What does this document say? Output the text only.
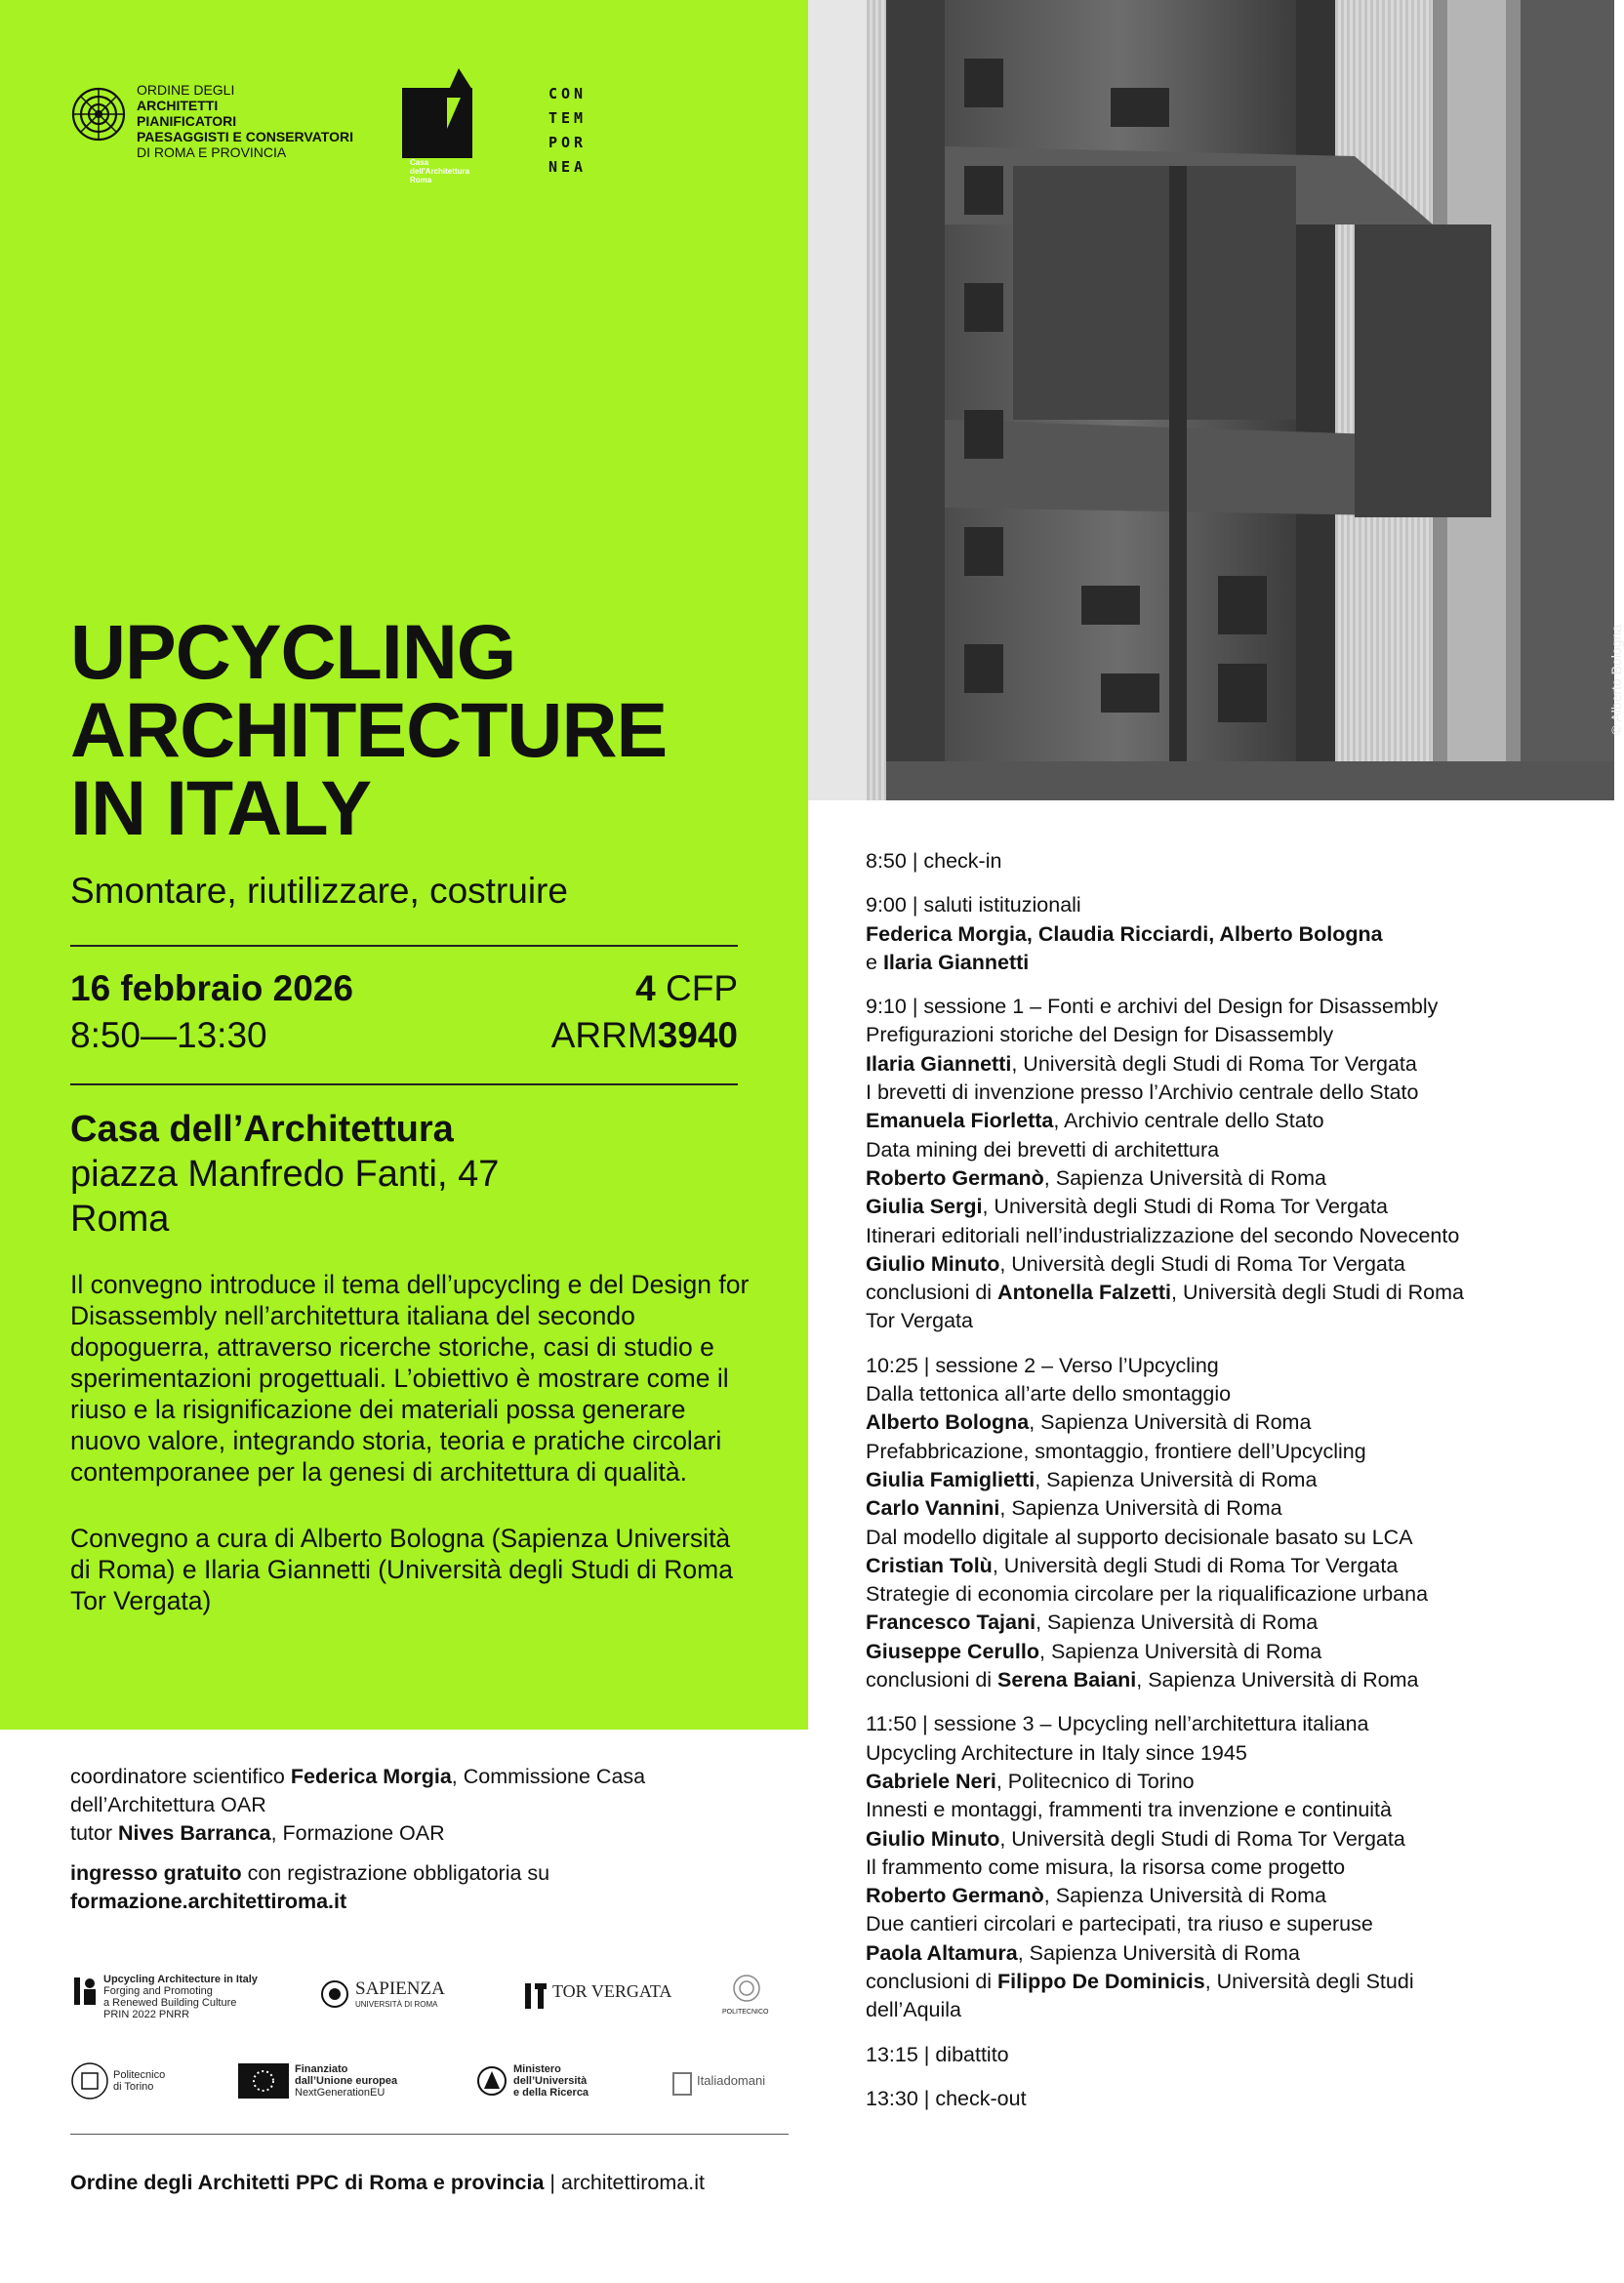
© Alberto Bologna
ORDINE DEGLI
ARCHITETTI
PIANIFICATORI
PAESAGGISTI E CONSERVATORI
DI ROMA E PROVINCIA
Casa dell'Architettura Roma
CON
TEM
POR
NEA
UPCYCLING
ARCHITECTURE
IN ITALY
Smontare, riutilizzare, costruire
16 febbraio 2026
8:50—13:30
4 CFP
ARRM3940
Casa dell’Architettura
piazza Manfredo Fanti, 47
Roma
Il convegno introduce il tema dell’upcycling e del Design for Disassembly nell’architettura italiana del secondo dopoguerra, attraverso ricerche storiche, casi di studio e sperimentazioni progettuali. L’obiettivo è mostrare come il riuso e la risignificazione dei materiali possa generare nuovo valore, integrando storia, teoria e pratiche circolari contemporanee per la genesi di architettura di qualità.
Convegno a cura di Alberto Bologna (Sapienza Università di Roma) e Ilaria Giannetti (Università degli Studi di Roma Tor Vergata)

coordinatore scientifico Federica Morgia, Commissione Casa dell’Architettura OAR

tutor Nives Barranca, Formazione OAR

ingresso gratuito con registrazione obbligatoria su

formazione.architettiroma.it

Upcycling Architecture in Italy
Forging and Promoting
a Renewed Building Culture
PRIN 2022 PNRR
SAPIENZA
UNIVERSITÀ DI ROMA
TOR VERGATA
POLITECNICO
Politecnico di Torino
Finanziato
dall’Unione europea
NextGenerationEU
Ministero
dell’Università
e della Ricerca
Italiadomani
Ordine degli Architetti PPC di Roma e provincia | architettiroma.it
8:50 | check-in
9:00 | saluti istituzionali
Federica Morgia, Claudia Ricciardi, Alberto Bologna
e Ilaria Giannetti
9:10 | sessione 1 – Fonti e archivi del Design for Disassembly
Prefigurazioni storiche del Design for Disassembly
Ilaria Giannetti, Università degli Studi di Roma Tor Vergata
I brevetti di invenzione presso l’Archivio centrale dello Stato
Emanuela Fiorletta, Archivio centrale dello Stato
Data mining dei brevetti di architettura
Roberto Germanò, Sapienza Università di Roma
Giulia Sergi, Università degli Studi di Roma Tor Vergata
Itinerari editoriali nell’industrializzazione del secondo Novecento
Giulio Minuto, Università degli Studi di Roma Tor Vergata
conclusioni di Antonella Falzetti, Università degli Studi di Roma
Tor Vergata
10:25 | sessione 2 – Verso l’Upcycling
Dalla tettonica all’arte dello smontaggio
Alberto Bologna, Sapienza Università di Roma
Prefabbricazione, smontaggio, frontiere dell’Upcycling
Giulia Famiglietti, Sapienza Università di Roma
Carlo Vannini, Sapienza Università di Roma
Dal modello digitale al supporto decisionale basato su LCA
Cristian Tolù, Università degli Studi di Roma Tor Vergata
Strategie di economia circolare per la riqualificazione urbana
Francesco Tajani, Sapienza Università di Roma
Giuseppe Cerullo, Sapienza Università di Roma
conclusioni di Serena Baiani, Sapienza Università di Roma
11:50 | sessione 3 – Upcycling nell’architettura italiana
Upcycling Architecture in Italy since 1945
Gabriele Neri, Politecnico di Torino
Innesti e montaggi, frammenti tra invenzione e continuità
Giulio Minuto, Università degli Studi di Roma Tor Vergata
Il frammento come misura, la risorsa come progetto
Roberto Germanò, Sapienza Università di Roma
Due cantieri circolari e partecipati, tra riuso e superuse
Paola Altamura, Sapienza Università di Roma
conclusioni di Filippo De Dominicis, Università degli Studi
dell’Aquila
13:15 | dibattito
13:30 | check-out
